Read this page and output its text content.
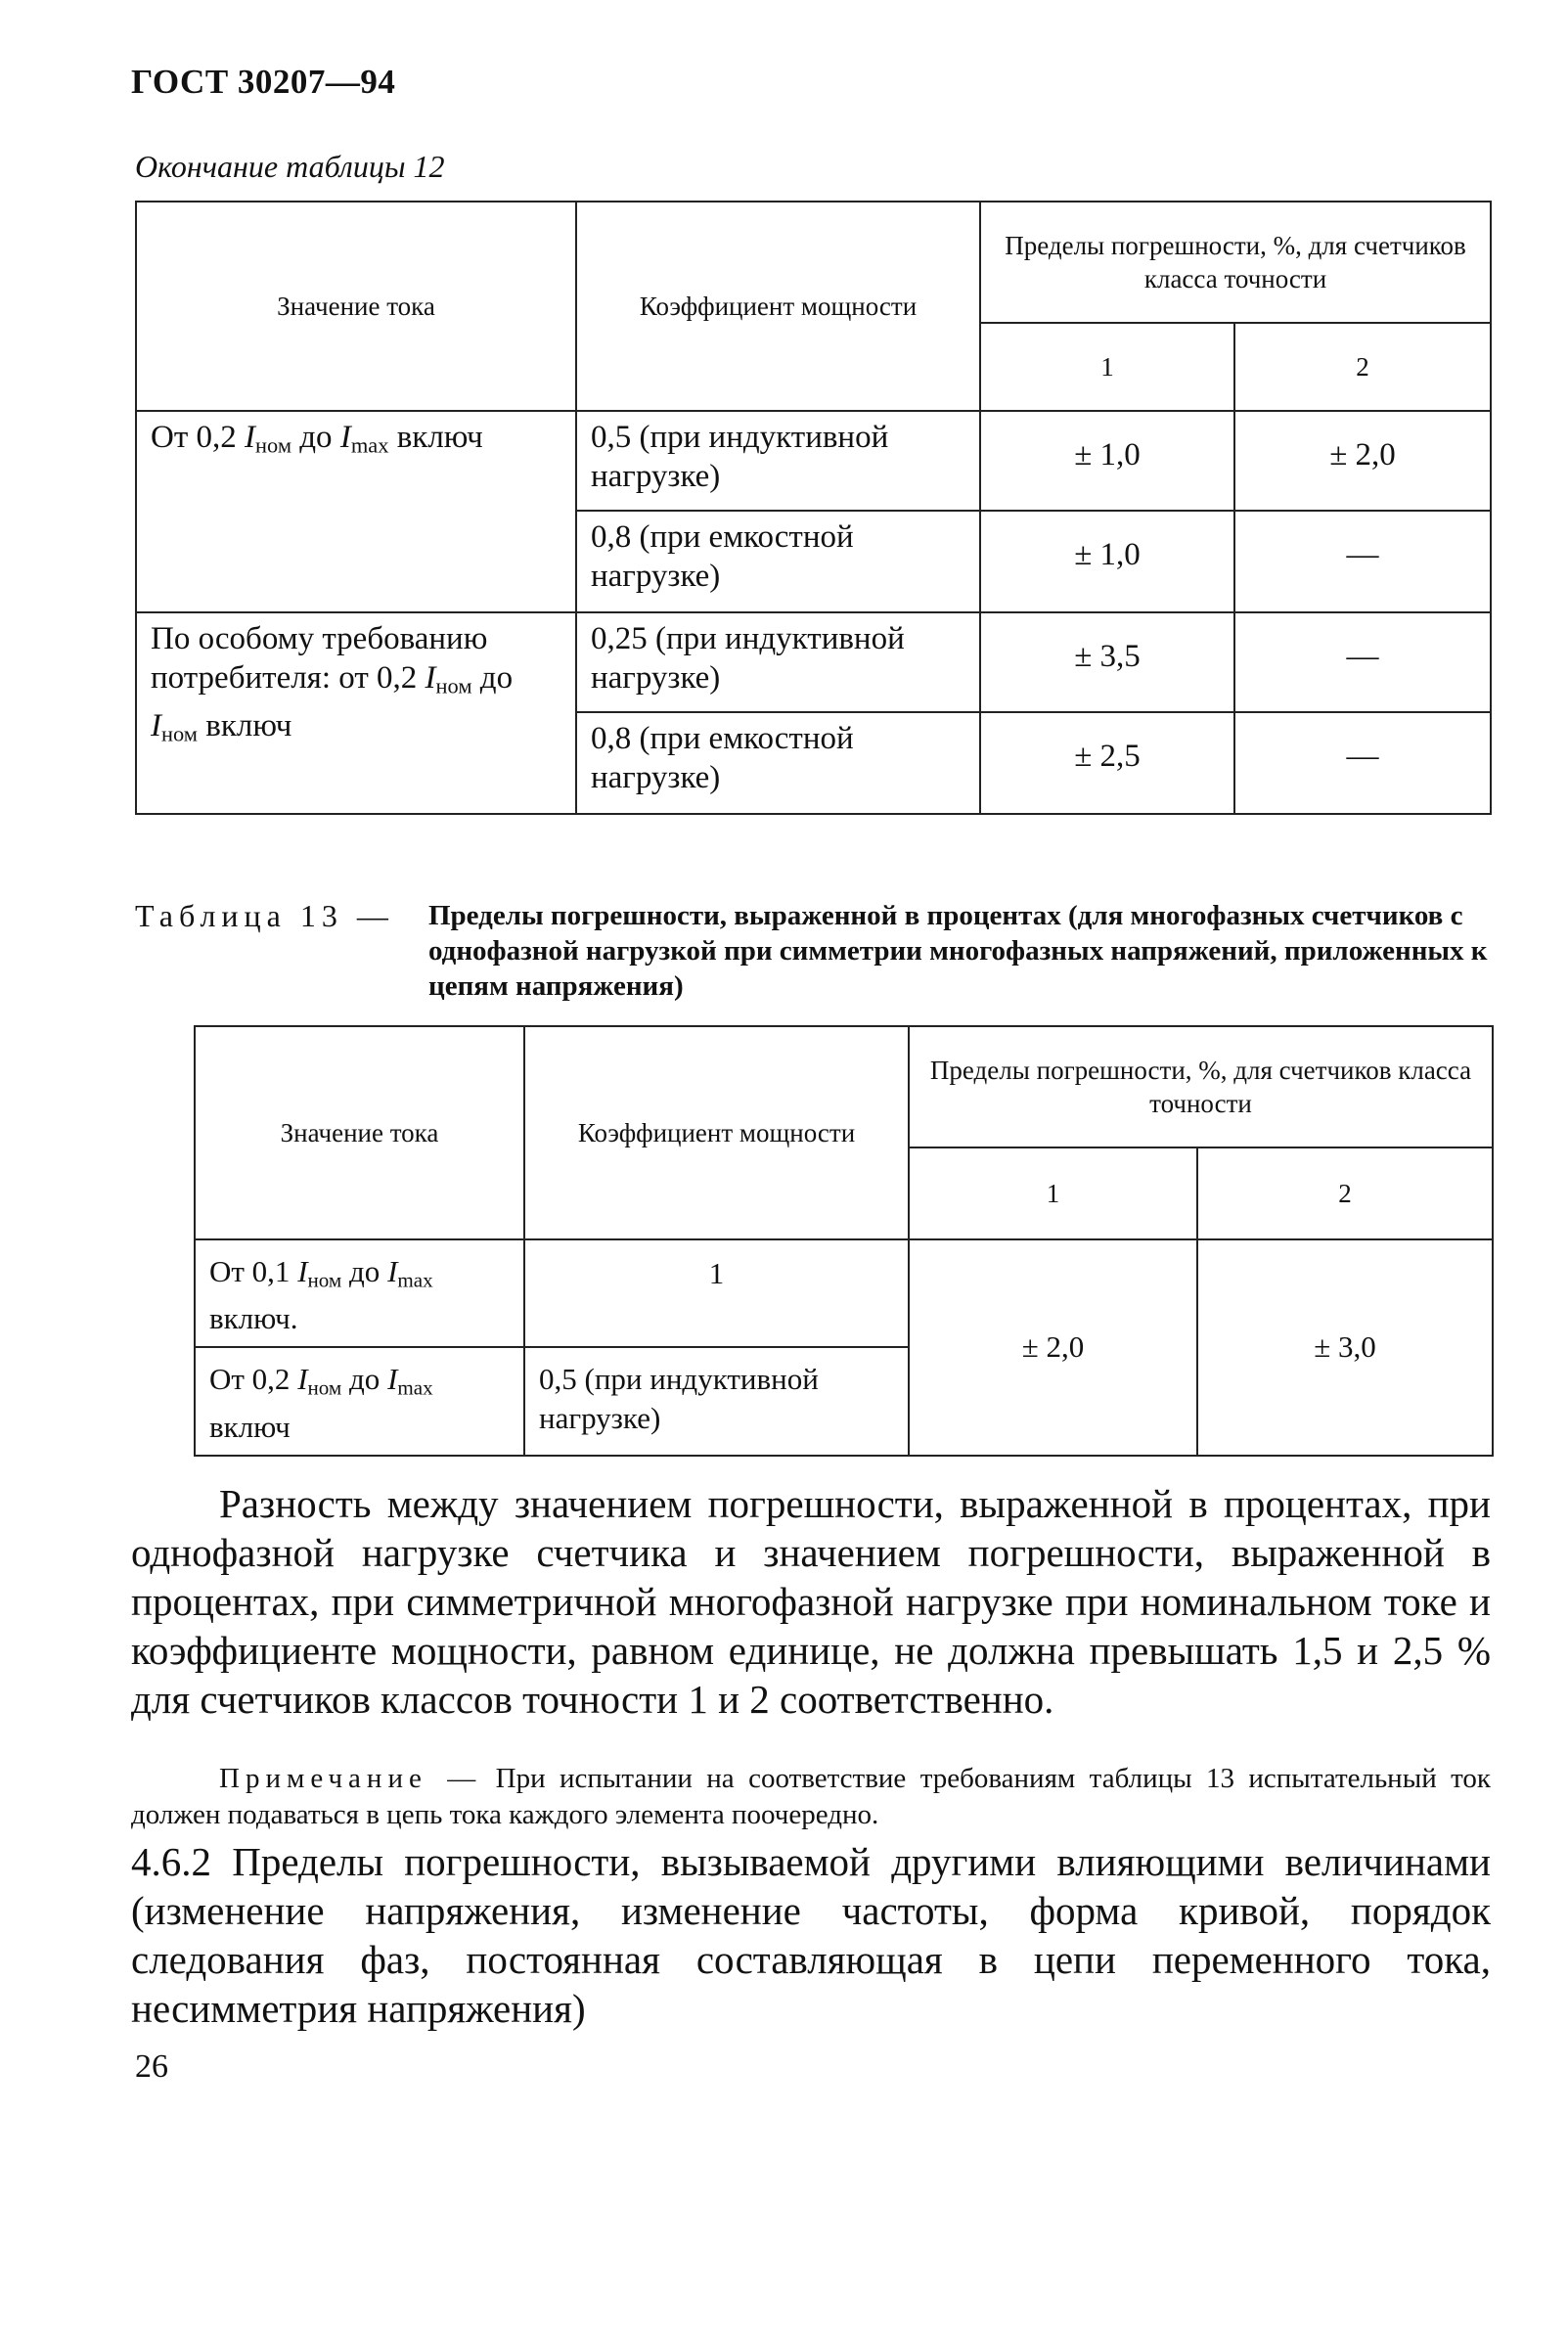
ГОСТ 30207—94
Окончание таблицы 12
Значение тока	Коэффициент мощности	Пределы погрешности, %, для счетчиков класса точности	
		1	2
От 0,2 $I_{ном}$ до $I_{max}$ включ	0,5 (при индуктивной нагрузке)	± 1,0	± 2,0
	0,8 (при емкостной нагрузке)	± 1,0	—
По особому требованию потребителя: от 0,2 $I_{ном}$ до $I_{ном}$ включ	0,25 (при индуктивной нагрузке)	± 3,5	—
	0,8 (при емкостной нагрузке)	± 2,5	—
Таблица 13 — Пределы погрешности, выраженной в процентах (для многофазных счетчиков с однофазной нагрузкой при симметрии многофазных напряжений, приложенных к цепям напряжения)
Значение тока	Коэффициент мощности	Пределы погрешности, %, для счетчиков класса точности	
		1	2
От 0,1 $I_{ном}$ до $I_{max}$ включ.	1	± 2,0	± 3,0
От 0,2 $I_{ном}$ до $I_{max}$ включ	0,5 (при индуктивной нагрузке)		
Разность между значением погрешности, выраженной в процентах, при однофазной нагрузке счетчика и значением погрешности, выраженной в процентах, при симметричной многофазной нагрузке при номинальном токе и коэффициенте мощности, равном единице, не должна превышать 1,5 и 2,5 % для счетчиков классов точности 1 и 2 соответственно.
Примечание — При испытании на соответствие требованиям таблицы 13 испытательный ток должен подаваться в цепь тока каждого элемента поочередно.
4.6.2 Пределы погрешности, вызываемой другими влияющими величинами (изменение напряжения, изменение частоты, форма кривой, порядок следования фаз, постоянная составляющая в цепи переменного тока, несимметрия напряжения)
26
